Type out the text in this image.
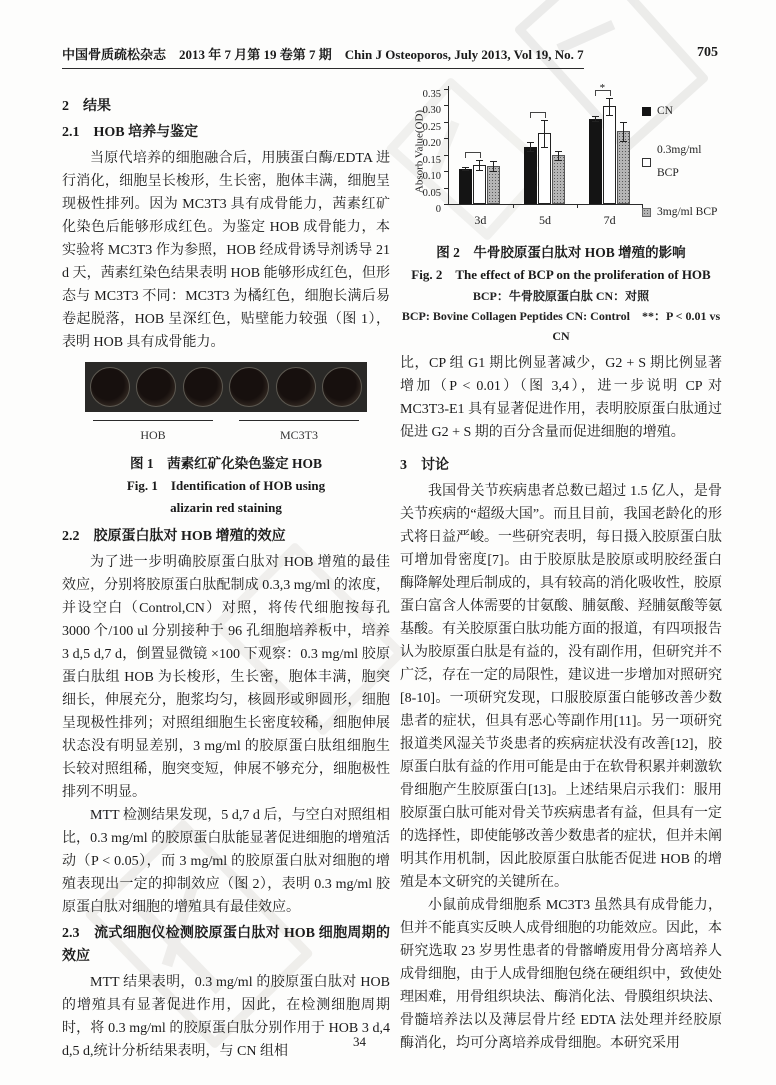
中国骨质疏松杂志　2013 年 7 月第 19 卷第 7 期　Chin J Osteoporos, July 2013, Vol 19, No. 7	705
2　结果
2.1　HOB 培养与鉴定

当原代培养的细胞融合后，用胰蛋白酶/EDTA 进行消化，细胞呈长梭形，生长密，胞体丰满，细胞呈现极性排列。因为 MC3T3 具有成骨能力，茜素红矿化染色后能够形成红色。为鉴定 HOB 成骨能力，本实验将 MC3T3 作为参照，HOB 经成骨诱导剂诱导 21 d 天，茜素红染色结果表明 HOB 能够形成红色，但形态与 MC3T3 不同：MC3T3 为橘红色，细胞长满后易卷起脱落，HOB 呈深红色，贴壁能力较强（图 1），表明 HOB 具有成骨能力。

HOB	MC3T3
图 1　茜素红矿化染色鉴定 HOB
Fig. 1　Identification of HOB using
alizarin red staining
2.2　胶原蛋白肽对 HOB 增殖的效应

为了进一步明确胶原蛋白肽对 HOB 增殖的最佳效应，分别将胶原蛋白肽配制成 0.3,3 mg/ml 的浓度，并设空白（Control,CN）对照，将传代细胞按每孔 3000 个/100 ul 分别接种于 96 孔细胞培养板中，培养 3 d,5 d,7 d，倒置显微镜 ×100 下观察：0.3 mg/ml 胶原蛋白肽组 HOB 为长梭形，生长密，胞体丰满，胞突细长，伸展充分，胞浆均匀，核圆形或卵圆形，细胞呈现极性排列；对照组细胞生长密度较稀，细胞伸展状态没有明显差别，3 mg/ml 的胶原蛋白肽组细胞生长较对照组稀，胞突变短，伸展不够充分，细胞极性排列不明显。

MTT 检测结果发现，5 d,7 d 后，与空白对照组相比，0.3 mg/ml 的胶原蛋白肽能显著促进细胞的增殖活动（P < 0.05），而 3 mg/ml 的胶原蛋白肽对细胞的增殖表现出一定的抑制效应（图 2），表明 0.3 mg/ml 胶原蛋白肽对细胞的增殖具有最佳效应。

2.3　流式细胞仪检测胶原蛋白肽对 HOB 细胞周期的效应

MTT 结果表明，0.3 mg/ml 的胶原蛋白肽对 HOB 的增殖具有显著促进作用，因此，在检测细胞周期时，将 0.3 mg/ml 的胶原蛋白肽分别作用于 HOB 3 d,4 d,5 d,统计分析结果表明，与 CN 组相

Absorb Value(OD)	CN
0.3mg/ml BCP
3mg/ml BCP
0
0.05
0.10
0.15
0.20
0.25
0.30
0.35
3d	5d	7d
*
图 2　牛骨胶原蛋白肽对 HOB 增殖的影响
Fig. 2　The effect of BCP on the proliferation of HOB
BCP：牛骨胶原蛋白肽 CN：对照
BCP: Bovine Collagen Peptides CN: Control　**：P < 0.01 vs CN

比，CP 组 G1 期比例显著减少，G2 + S 期比例显著增加（P < 0.01）（图 3,4），进一步说明 CP 对 MC3T3-E1 具有显著促进作用，表明胶原蛋白肽通过促进 G2 + S 期的百分含量而促进细胞的增殖。

3　讨论

我国骨关节疾病患者总数已超过 1.5 亿人，是骨关节疾病的“超级大国”。而且目前，我国老龄化的形式将日益严峻。一些研究表明，每日摄入胶原蛋白肽可增加骨密度[7]。由于胶原肽是胶原或明胶经蛋白酶降解处理后制成的，具有较高的消化吸收性，胶原蛋白富含人体需要的甘氨酸、脯氨酸、羟脯氨酸等氨基酸。有关胶原蛋白肽功能方面的报道，有四项报告认为胶原蛋白肽是有益的，没有副作用，但研究并不广泛，存在一定的局限性，建议进一步增加对照研究[8-10]。一项研究发现，口服胶原蛋白能够改善少数患者的症状，但具有恶心等副作用[11]。另一项研究报道类风湿关节炎患者的疾病症状没有改善[12]，胶原蛋白肽有益的作用可能是由于在软骨积累并刺激软骨细胞产生胶原蛋白[13]。上述结果启示我们：服用胶原蛋白肽可能对骨关节疾病患者有益，但具有一定的选择性，即使能够改善少数患者的症状，但并未阐明其作用机制，因此胶原蛋白肽能否促进 HOB 的增殖是本文研究的关键所在。

小鼠前成骨细胞系 MC3T3 虽然具有成骨能力，但并不能真实反映人成骨细胞的功能效应。因此，本研究选取 23 岁男性患者的骨髂嵴废用骨分离培养人成骨细胞，由于人成骨细胞包绕在硬组织中，致使处理困难，用骨组织块法、酶消化法、骨膜组织块法、骨髓培养法以及薄层骨片经 EDTA 法处理并经胶原酶消化，均可分离培养成骨细胞。本研究采用

34
